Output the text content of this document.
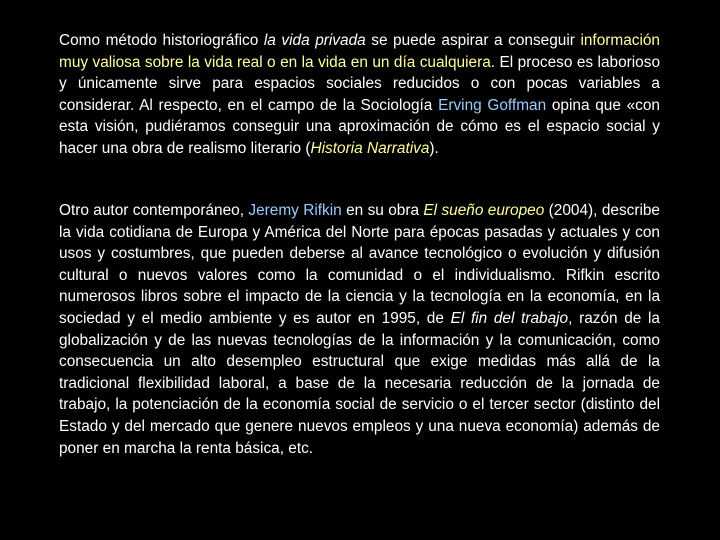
Como método historiográfico la vida privada se puede aspirar a conseguir información muy valiosa sobre la vida real o en la vida en un día cualquiera. El proceso es laborioso y únicamente sirve para espacios sociales reducidos o con pocas variables a considerar. Al respecto, en el campo de la Sociología Erving Goffman opina que «con esta visión, pudiéramos conseguir una aproximación de cómo es el espacio social y hacer una obra de realismo literario (Historia Narrativa).

Otro autor contemporáneo, Jeremy Rifkin en su obra El sueño europeo (2004), describe la vida cotidiana de Europa y América del Norte para épocas pasadas y actuales y con usos y costumbres, que pueden deberse al avance tecnológico o evolución y difusión cultural o nuevos valores como la comunidad o el individualismo. Rifkin escrito numerosos libros sobre el impacto de la ciencia y la tecnología en la economía, en la sociedad y el medio ambiente y es autor en 1995, de El fin del trabajo, razón de la globalización y de las nuevas tecnologías de la información y la comunicación, como consecuencia un alto desempleo estructural que exige medidas más allá de la tradicional flexibilidad laboral, a base de la necesaria reducción de la jornada de trabajo, la potenciación de la economía social de servicio o el tercer sector (distinto del Estado y del mercado que genere nuevos empleos y una nueva economía) además de poner en marcha la renta básica, etc.
